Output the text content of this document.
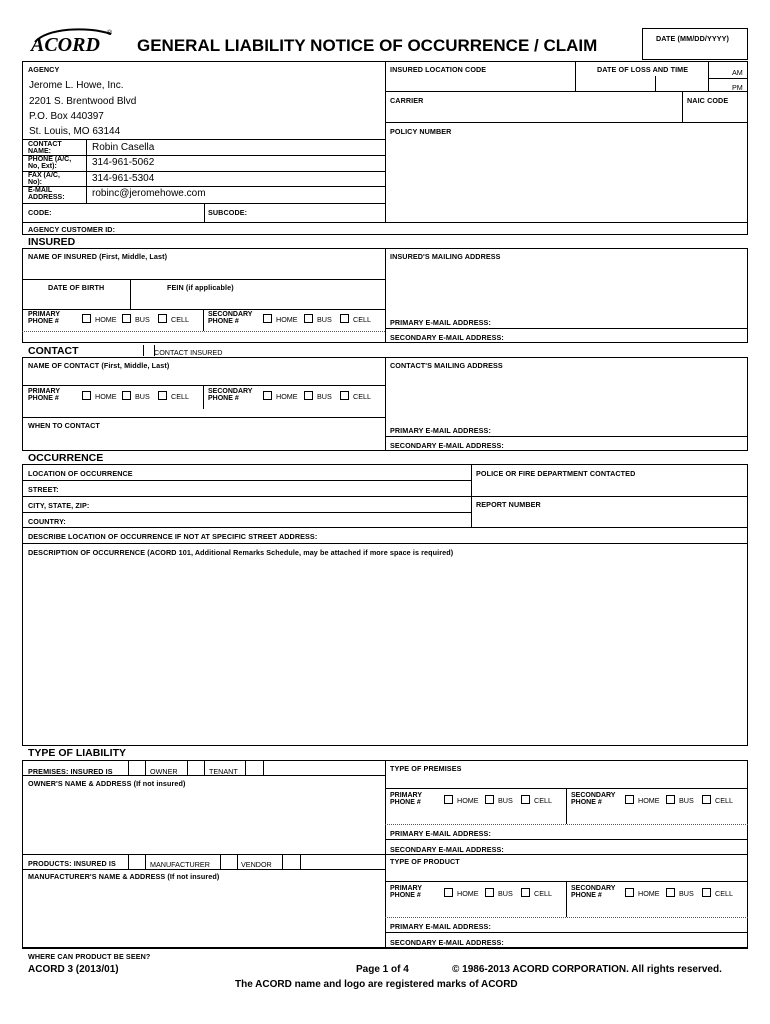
ACORD
®
GENERAL LIABILITY NOTICE OF OCCURRENCE / CLAIM	DATE (MM/DD/YYYY)
AGENCY
Jerome L. Howe, Inc.
2201 S. Brentwood Blvd
P.O. Box 440397
St. Louis, MO 63144
CONTACT NAME:	Robin Casella
PHONE (A/C, No, Ext):	314-961-5062
FAX (A/C, No):	314-961-5304
E-MAIL ADDRESS:	robinc@jeromehowe.com
CODE:	SUBCODE:
AGENCY CUSTOMER ID:
INSURED LOCATION CODE	DATE OF LOSS AND TIME	AM
PM
CARRIER	NAIC CODE
POLICY NUMBER
INSURED
NAME OF INSURED (First, Middle, Last)	INSURED'S MAILING ADDRESS
DATE OF BIRTH	FEIN (if applicable)
PRIMARY PHONE #	HOME	BUS	CELL
SECONDARY PHONE #	HOME	BUS	CELL	PRIMARY E-MAIL ADDRESS:
SECONDARY E-MAIL ADDRESS:
CONTACT	CONTACT INSURED
NAME OF CONTACT (First, Middle, Last)	CONTACT'S MAILING ADDRESS
PRIMARY PHONE #	HOME	BUS	CELL
SECONDARY PHONE #	HOME	BUS	CELL
WHEN TO CONTACT
PRIMARY E-MAIL ADDRESS:
SECONDARY E-MAIL ADDRESS:
OCCURRENCE
LOCATION OF OCCURRENCE	POLICE OR FIRE DEPARTMENT CONTACTED
STREET:
CITY, STATE, ZIP:	REPORT NUMBER
COUNTRY:
DESCRIBE LOCATION OF OCCURRENCE IF NOT AT SPECIFIC STREET ADDRESS:
DESCRIPTION OF OCCURRENCE (ACORD 101, Additional Remarks Schedule, may be attached if more space is required)
TYPE OF LIABILITY
PREMISES: INSURED IS	OWNER	TENANT	TYPE OF PREMISES
OWNER'S NAME & ADDRESS (If not insured)
PRIMARY PHONE #	HOME	BUS	CELL
SECONDARY PHONE #	HOME	BUS	CELL
PRIMARY E-MAIL ADDRESS:
SECONDARY E-MAIL ADDRESS:
PRODUCTS: INSURED IS	MANUFACTURER	VENDOR	TYPE OF PRODUCT
MANUFACTURER'S NAME & ADDRESS (If not insured)
PRIMARY PHONE #	HOME	BUS	CELL
SECONDARY PHONE #	HOME	BUS	CELL
PRIMARY E-MAIL ADDRESS:
SECONDARY E-MAIL ADDRESS:
WHERE CAN PRODUCT BE SEEN?
ACORD 3 (2013/01)	Page 1 of 4	© 1986-2013 ACORD CORPORATION. All rights reserved.
The ACORD name and logo are registered marks of ACORD
